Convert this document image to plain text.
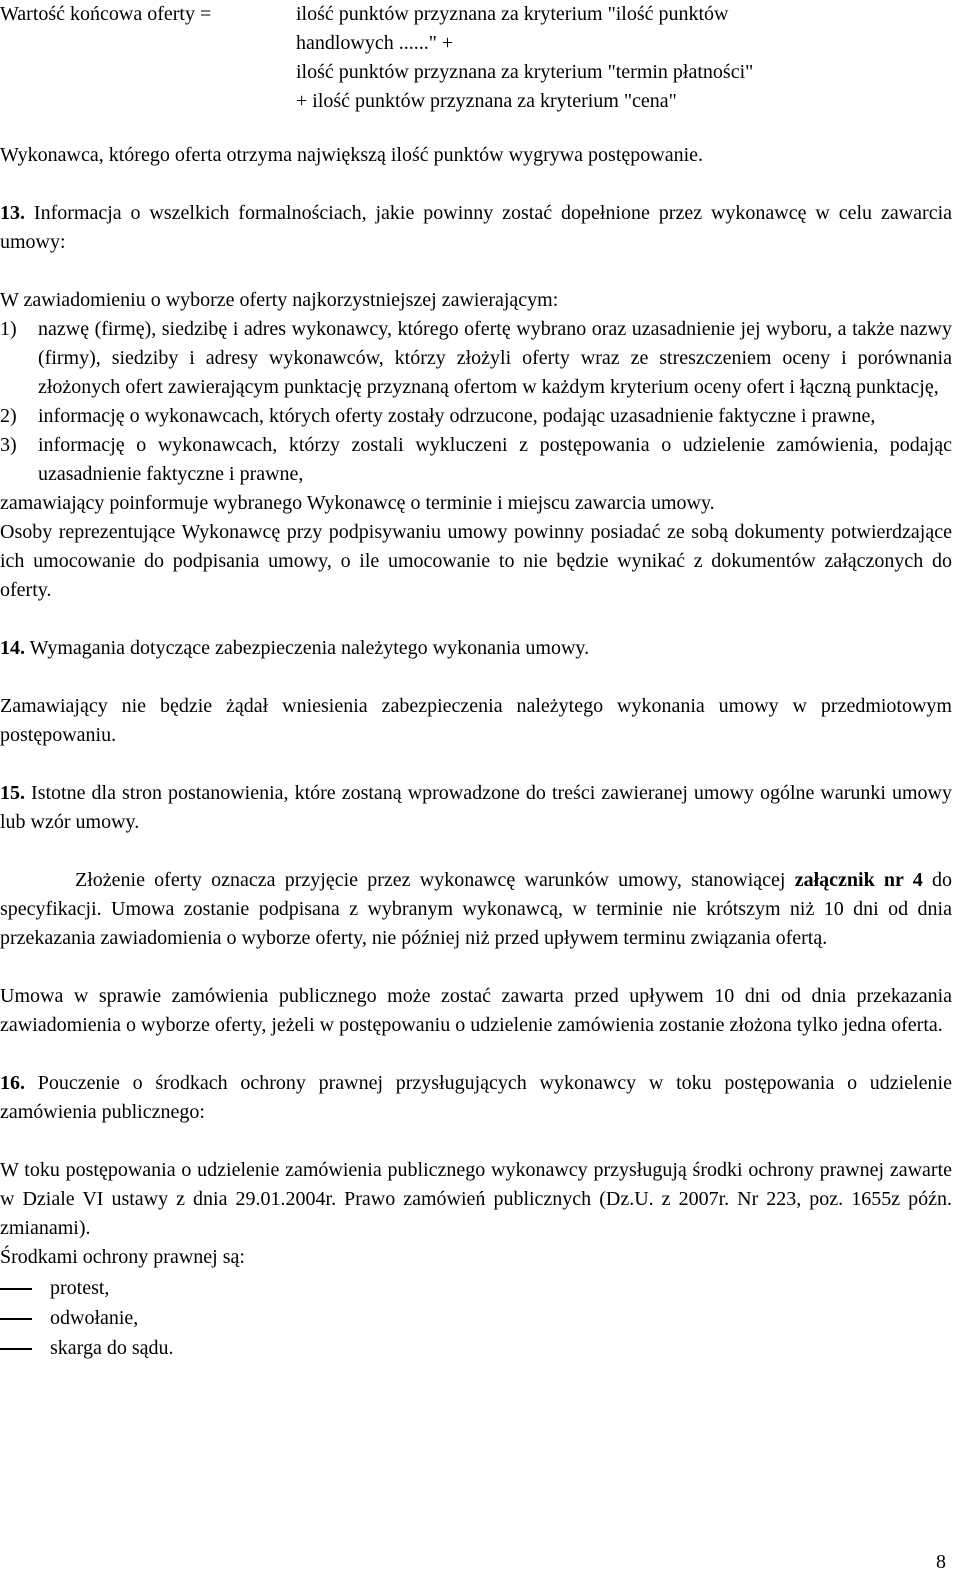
Wartość końcowa oferty =	ilość punktów przyznana za kryterium "ilość punktów
handlowych ......" +
ilość punktów przyznana za kryterium "termin płatności"
+ ilość punktów przyznana za kryterium "cena"

Wykonawca, którego oferta otrzyma największą ilość punktów wygrywa postępowanie.

13. Informacja o wszelkich formalnościach, jakie powinny zostać dopełnione przez wykonawcę w celu zawarcia umowy:

W zawiadomieniu o wyborze oferty najkorzystniejszej zawierającym:

1)	nazwę (firmę), siedzibę i adres wykonawcy, którego ofertę wybrano oraz uzasadnienie jej wyboru, a także nazwy (firmy), siedziby i adresy wykonawców, którzy złożyli oferty wraz ze streszczeniem oceny i porównania złożonych ofert zawierającym punktację przyznaną ofertom w każdym kryterium oceny ofert i łączną punktację,
2)	informację o wykonawcach, których oferty zostały odrzucone, podając uzasadnienie faktyczne i prawne,
3)	informację o wykonawcach, którzy zostali wykluczeni z postępowania o udzielenie zamówienia, podając uzasadnienie faktyczne i prawne,

zamawiający poinformuje wybranego Wykonawcę o terminie i miejscu zawarcia umowy.

Osoby reprezentujące Wykonawcę przy podpisywaniu umowy powinny posiadać ze sobą dokumenty potwierdzające ich umocowanie do podpisania umowy, o ile umocowanie to nie będzie wynikać z dokumentów załączonych do oferty.

14. Wymagania dotyczące zabezpieczenia należytego wykonania umowy.

Zamawiający nie będzie żądał wniesienia zabezpieczenia należytego wykonania umowy w przedmiotowym postępowaniu.

15. Istotne dla stron postanowienia, które zostaną wprowadzone do treści zawieranej umowy ogólne warunki umowy lub wzór umowy.

Złożenie oferty oznacza przyjęcie przez wykonawcę warunków umowy, stanowiącej załącznik nr 4 do specyfikacji. Umowa zostanie podpisana z wybranym wykonawcą, w terminie nie krótszym niż 10 dni od dnia przekazania zawiadomienia o wyborze oferty, nie później niż przed upływem terminu związania ofertą.

Umowa w sprawie zamówienia publicznego może zostać zawarta przed upływem 10 dni od dnia przekazania zawiadomienia o wyborze oferty, jeżeli w postępowaniu o udzielenie zamówienia zostanie złożona tylko jedna oferta.

16. Pouczenie o środkach ochrony prawnej przysługujących wykonawcy w toku postępowania o udzielenie zamówienia publicznego:

W toku postępowania o udzielenie zamówienia publicznego wykonawcy przysługują środki ochrony prawnej zawarte w Dziale VI ustawy z dnia 29.01.2004r. Prawo zamówień publicznych (Dz.U. z 2007r. Nr 223, poz. 1655z późn. zmianami).

Środkami ochrony prawnej są:

protest,
odwołanie,
skarga do sądu.
8
